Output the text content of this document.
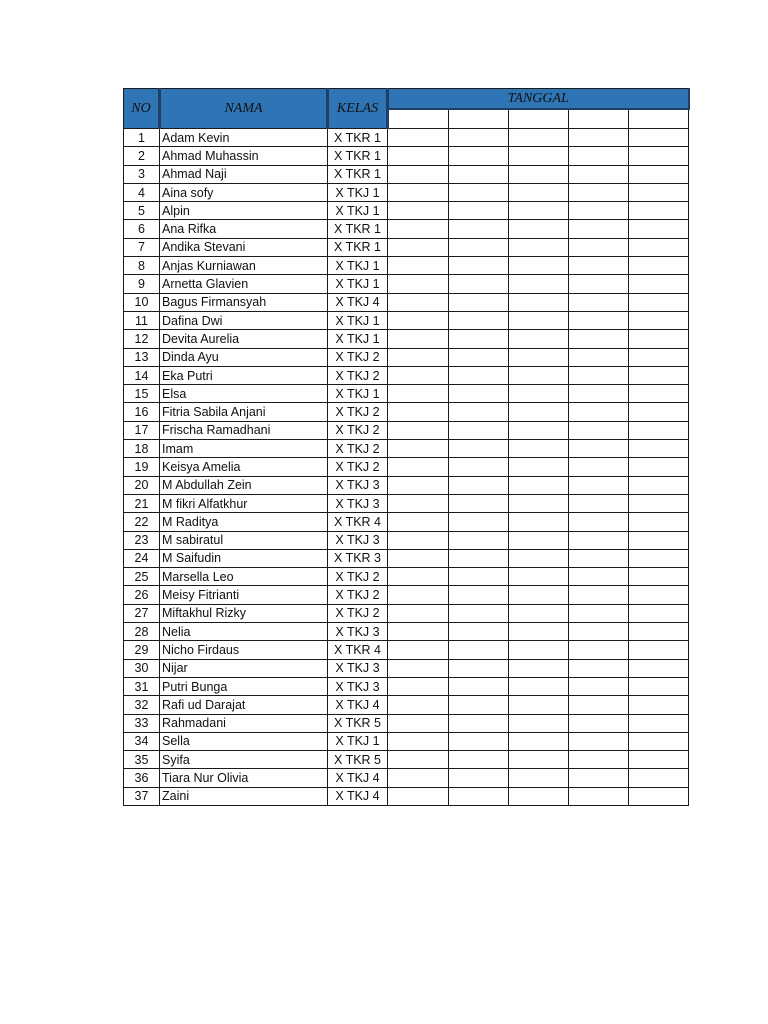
NO	NAMA	KELAS	TANGGAL				

1	Adam Kevin	X TKR 1					
2	Ahmad Muhassin	X TKR 1					
3	Ahmad Naji	X TKR 1					
4	Aina sofy	X TKJ 1					
5	Alpin	X TKJ 1					
6	Ana Rifka	X TKR 1					
7	Andika Stevani	X TKR 1					
8	Anjas Kurniawan	X TKJ 1					
9	Arnetta Glavien	X TKJ 1					
10	Bagus Firmansyah	X TKJ 4					
11	Dafina Dwi	X TKJ 1					
12	Devita Aurelia	X TKJ 1					
13	Dinda Ayu	X TKJ 2					
14	Eka Putri	X TKJ 2					
15	Elsa	X TKJ 1					
16	Fitria Sabila Anjani	X TKJ 2					
17	Frischa Ramadhani	X TKJ 2					
18	Imam	X TKJ 2					
19	Keisya Amelia	X TKJ 2					
20	M Abdullah Zein	X TKJ 3					
21	M fikri Alfatkhur	X TKJ 3					
22	M Raditya	X TKR 4					
23	M sabiratul	X TKJ 3					
24	M Saifudin	X TKR 3					
25	Marsella Leo	X TKJ 2					
26	Meisy Fitrianti	X TKJ 2					
27	Miftakhul Rizky	X TKJ 2					
28	Nelia	X TKJ 3					
29	Nicho Firdaus	X TKR 4					
30	Nijar	X TKJ 3					
31	Putri Bunga	X TKJ 3					
32	Rafi ud Darajat	X TKJ 4					
33	Rahmadani	X TKR 5					
34	Sella	X TKJ 1					
35	Syifa	X TKR 5					
36	Tiara Nur Olivia	X TKJ 4					
37	Zaini	X TKJ 4					
